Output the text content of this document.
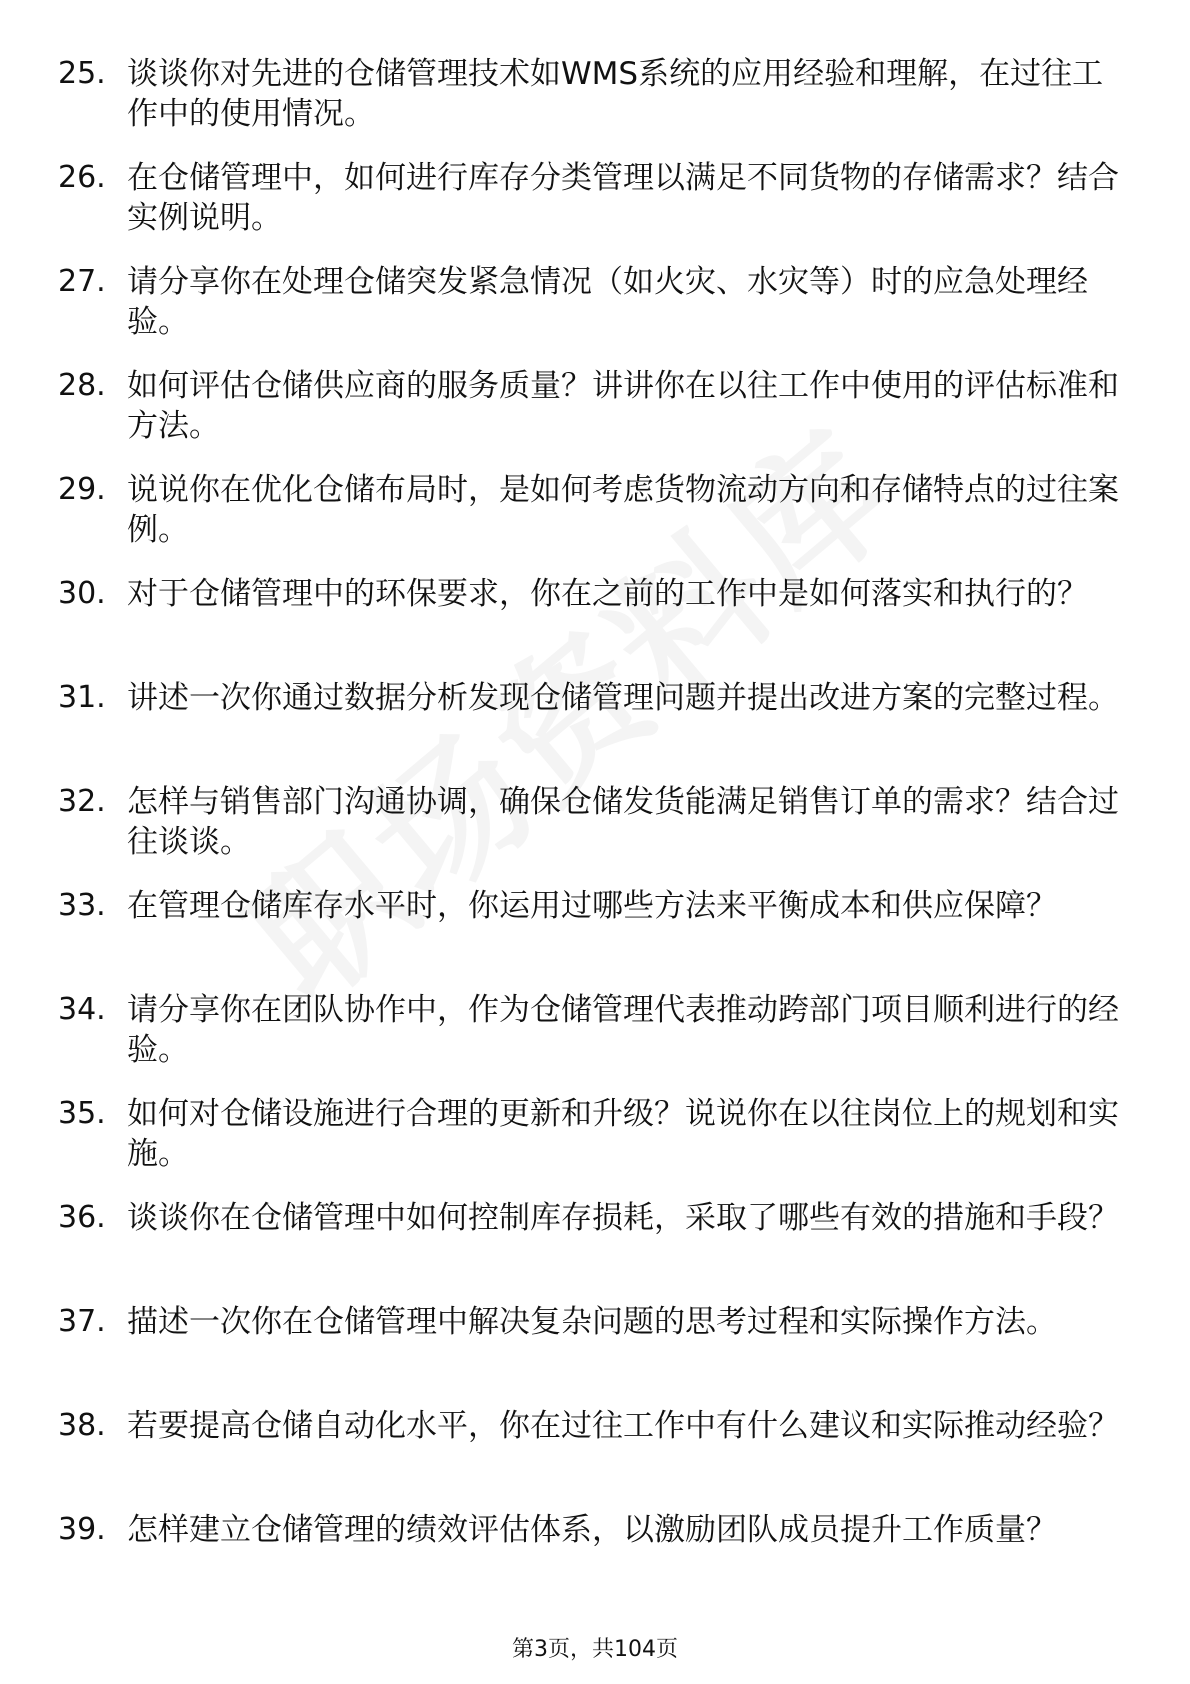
25. 谈谈你对先进的仓储管理技术如WMS系统的应用经验和理解，在过往工作中的使用情况。
26. 在仓储管理中，如何进行库存分类管理以满足不同货物的存储需求？结合实例说明。
27. 请分享你在处理仓储突发紧急情况（如火灾、水灾等）时的应急处理经验。
28. 如何评估仓储供应商的服务质量？讲讲你在以往工作中使用的评估标准和方法。
29. 说说你在优化仓储布局时，是如何考虑货物流动方向和存储特点的过往案例。
30. 对于仓储管理中的环保要求，你在之前的工作中是如何落实和执行的？
31. 讲述一次你通过数据分析发现仓储管理问题并提出改进方案的完整过程。
32. 怎样与销售部门沟通协调，确保仓储发货能满足销售订单的需求？结合过往谈谈。
33. 在管理仓储库存水平时，你运用过哪些方法来平衡成本和供应保障？
34. 请分享你在团队协作中，作为仓储管理代表推动跨部门项目顺利进行的经验。
35. 如何对仓储设施进行合理的更新和升级？说说你在以往岗位上的规划和实施。
36. 谈谈你在仓储管理中如何控制库存损耗，采取了哪些有效的措施和手段？
37. 描述一次你在仓储管理中解决复杂问题的思考过程和实际操作方法。
38. 若要提高仓储自动化水平，你在过往工作中有什么建议和实际推动经验？
39. 怎样建立仓储管理的绩效评估体系，以激励团队成员提升工作质量？
第3页，共104页
